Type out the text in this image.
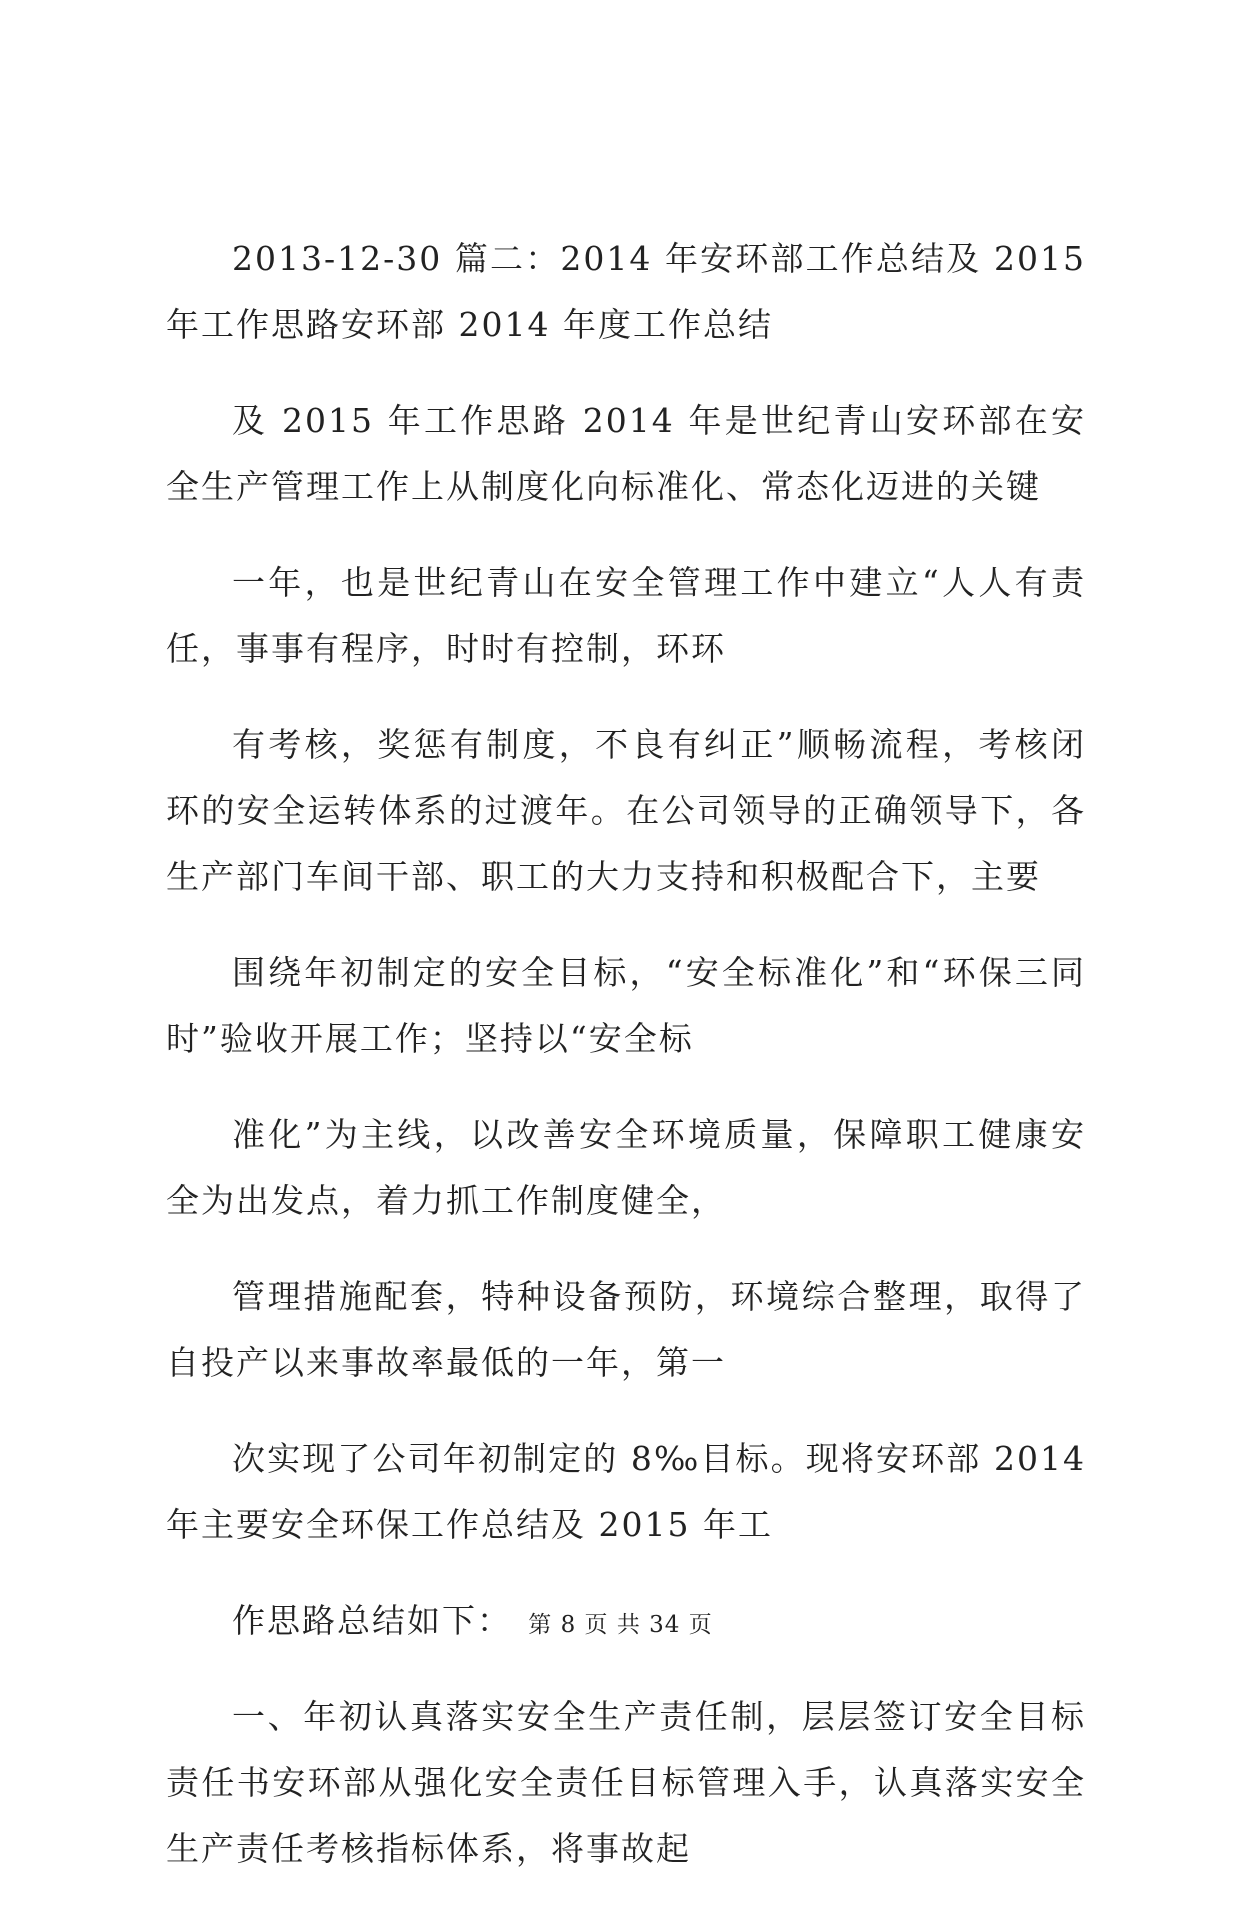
2013-12-30 篇二：2014 年安环部工作总结及 2015 年工作思路安环部 2014 年度工作总结

及 2015 年工作思路 2014 年是世纪青山安环部在安全生产管理工作上从制度化向标准化、常态化迈进的关键

一年，也是世纪青山在安全管理工作中建立“人人有责任，事事有程序，时时有控制，环环

有考核，奖惩有制度，不良有纠正”顺畅流程，考核闭环的安全运转体系的过渡年。在公司领导的正确领导下，各生产部门车间干部、职工的大力支持和积极配合下，主要

围绕年初制定的安全目标，“安全标准化”和“环保三同时”验收开展工作；坚持以“安全标

准化”为主线，以改善安全环境质量，保障职工健康安全为出发点，着力抓工作制度健全，

管理措施配套，特种设备预防，环境综合整理，取得了自投产以来事故率最低的一年，第一

次实现了公司年初制定的 8‰目标。现将安环部 2014 年主要安全环保工作总结及 2015 年工

作思路总结如下：

一、年初认真落实安全生产责任制，层层签订安全目标责任书安环部从强化安全责任目标管理入手，认真落实安全生产责任考核指标体系，将事故起

第 8 页 共 34 页
